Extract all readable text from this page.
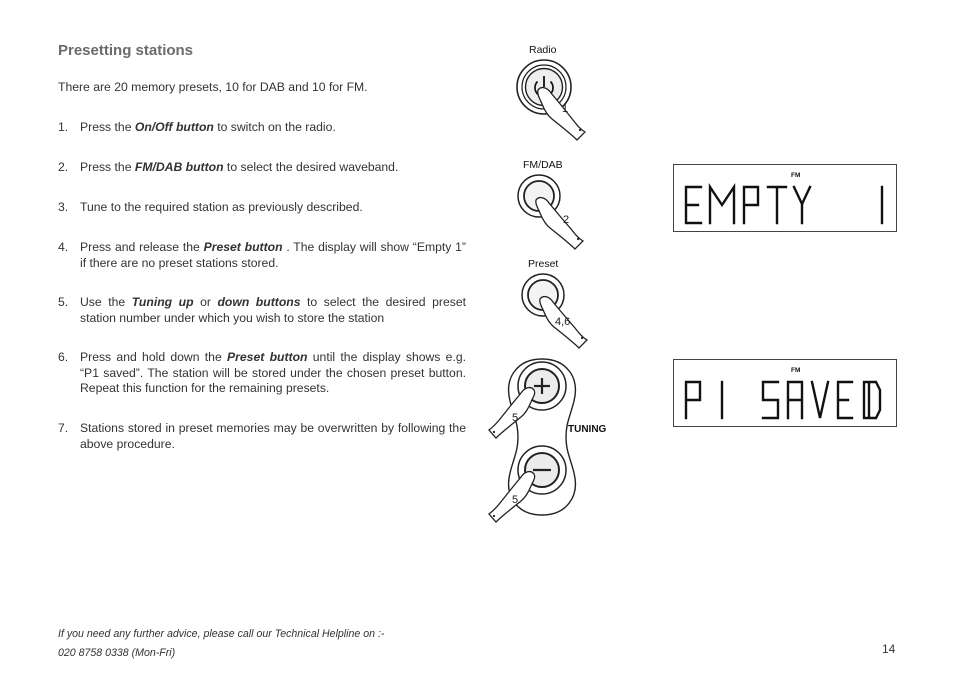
Presetting stations
There are 20 memory presets, 10 for DAB and 10 for FM.
1. Press the On/Off button to switch on the radio.
2. Press the FM/DAB button to select the desired waveband.
3. Tune to the required station as previously described.
4. Press and release the Preset button . The display will show “Empty 1” if there are no preset stations stored.
5. Use the Tuning up or down buttons to select the desired preset station number under which you wish to store the station
6. Press and hold down the Preset button until the display shows e.g. “P1 saved”. The station will be stored under the chosen preset button. Repeat this function for the remaining presets.
7. Stations stored in preset memories may be overwritten by following the above procedure.
Radio
1
FM/DAB
2
Preset
4,6
5
5
TUNING
FM
FM
If you need any further advice, please call our Technical Helpline on :-
020 8758 0338 (Mon-Fri)	14
